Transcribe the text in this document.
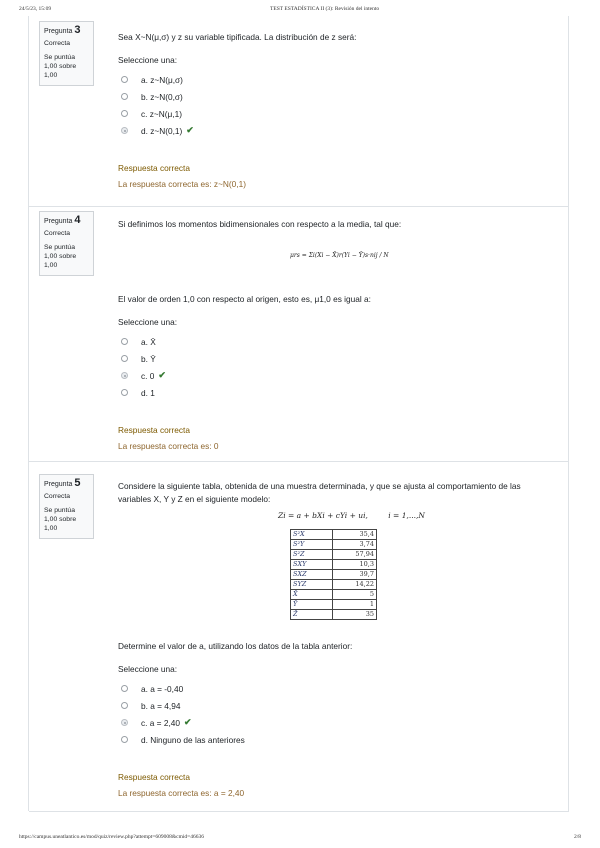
24/5/23, 15:09	TEST ESTADÍSTICA II (3): Revisión del intento
Pregunta 3
Correcta
Se puntúa 1,00 sobre 1,00
Sea X~N(μ,σ) y z su variable tipificada. La distribución de z será:
Seleccione una:
a. z~N(μ,σ)
b. z~N(0,σ)
c. z~N(μ,1)
d. z~N(0,1) ✔
Respuesta correcta
La respuesta correcta es: z~N(0,1)
Pregunta 4
Correcta
Se puntúa 1,00 sobre 1,00
Si definimos los momentos bidimensionales con respecto a la media, tal que:
μrs = Σi(Xi − X̄)r(Yi − Ȳ)s·nij / N
El valor de orden 1,0 con respecto al origen, esto es, μ1,0 es igual a:
Seleccione una:
a. X̄
b. Ȳ
c. 0 ✔
d. 1
Respuesta correcta
La respuesta correcta es: 0
Pregunta 5
Correcta
Se puntúa 1,00 sobre 1,00
Considere la siguiente tabla, obtenida de una muestra determinada, y que se ajusta al comportamiento de las variables X, Y y Z en el siguiente modelo:
Zi = a + bXi + cYi + ui,	i = 1,...,N
S²X	35,4
S²Y	3,74
S²Z	57,94
SXY	10,3
SXZ	39,7
SYZ	14,22
X̄	5
Ȳ	1
Z̄	35
Determine el valor de a, utilizando los datos de la tabla anterior:
Seleccione una:
a. a = -0,40
b. a = 4,94
c. a = 2,40 ✔
d. Ninguno de las anteriores
Respuesta correcta
La respuesta correcta es: a = 2,40
https://campus.uneatlantico.es/mod/quiz/review.php?attempt=609008&cmid=46636	2/8
